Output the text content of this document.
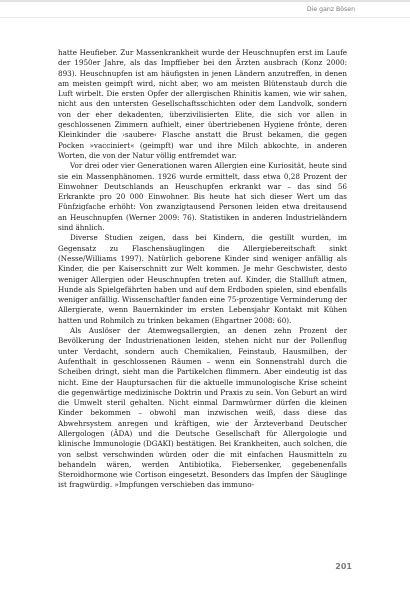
Die ganz Bösen

hatte Heufieber. Zur Massenkrankheit wurde der Heuschnupfen erst im Laufe der 1950er Jahre, als das Impffieber bei den Ärzten ausbrach (Konz 2000: 893). Heuschnupfen ist am häufigsten in jenen Ländern anzutreffen, in denen am meisten geimpft wird, nicht aber, wo am meisten Blütenstaub durch die Luft wirbelt. Die ersten Opfer der allergischen Rhinitis kamen, wie wir sahen, nicht aus den untersten Gesellschaftsschichten oder dem Landvolk, sondern von der eher dekadenten, überzivilisierten Elite, die sich vor allen in geschlossenen Zimmern aufhielt, einer übertriebenen Hygiene frönte, deren Kleinkinder die ›saubere‹ Flasche anstatt die Brust bekamen, die gegen Pocken »vacciniert« (geimpft) war und ihre Milch abkochte, in anderen Worten, die von der Natur völlig entfremdet war.

Vor drei oder vier Generationen waren Allergien eine Kuriosität, heute sind sie ein Massenphänomen. 1926 wurde ermittelt, dass etwa 0,28 Prozent der Einwohner Deutschlands an Heuschupfen erkrankt war – das sind 56 Erkrankte pro 20 000 Einwohner. Bis heute hat sich dieser Wert um das Fünfzigfache erhöht: Von zwanzigtausend Personen leiden etwa dreitausend an Heuschnupfen (Werner 2009: 76). Statistiken in anderen Industrieländern sind ähnlich.

Diverse Studien zeigen, dass bei Kindern, die gestillt wurden, im Gegensatz zu Flaschensäuglingen die Allergiebereitschaft sinkt (Nesse/Williams 1997). Natürlich geborene Kinder sind weniger anfällig als Kinder, die per Kaiserschnitt zur Welt kommen. Je mehr Geschwister, desto weniger Allergien oder Heuschnupfen treten auf. Kinder, die Stallluft atmen, Hunde als Spielgefährten haben und auf dem Erdboden spielen, sind ebenfalls weniger anfällig. Wissenschaftler fanden eine 75-prozentige Verminderung der Allergierate, wenn Bauernkinder im ersten Lebensjahr Kontakt mit Kühen hatten und Rohmilch zu trinken bekamen (Ehgartner 2008: 60).

Als Auslöser der Atemwegsallergien, an denen zehn Prozent der Bevölkerung der Industrienationen leiden, stehen nicht nur der Pollenflug unter Verdacht, sondern auch Chemikalien, Feinstaub, Hausmilben, der Aufenthalt in geschlossenen Räumen – wenn ein Sonnenstrahl durch die Scheiben dringt, sieht man die Partikelchen flimmern. Aber eindeutig ist das nicht. Eine der Hauptursachen für die aktuelle immunologische Krise scheint die gegenwärtige medizinische Doktrin und Praxis zu sein. Von Geburt an wird die Umwelt steril gehalten. Nicht einmal Darmwürmer dürfen die kleinen Kinder bekommen – obwohl man inzwischen weiß, dass diese das Abwehrsystem anregen und kräftigen, wie der Ärzteverband Deutscher Allergologen (ÄDA) und die Deutsche Gesellschaft für Allergologie und klinische Immunologie (DGAKI) bestätigen. Bei Krankheiten, auch solchen, die von selbst verschwinden würden oder die mit einfachen Hausmitteln zu behandeln wären, werden Antibiotika, Fiebersenker, gegebenenfalls Steroidhormone wie Cortison eingesetzt. Besonders das Impfen der Säuglinge ist fragwürdig. »Impfungen verschieben das immuno-

201
